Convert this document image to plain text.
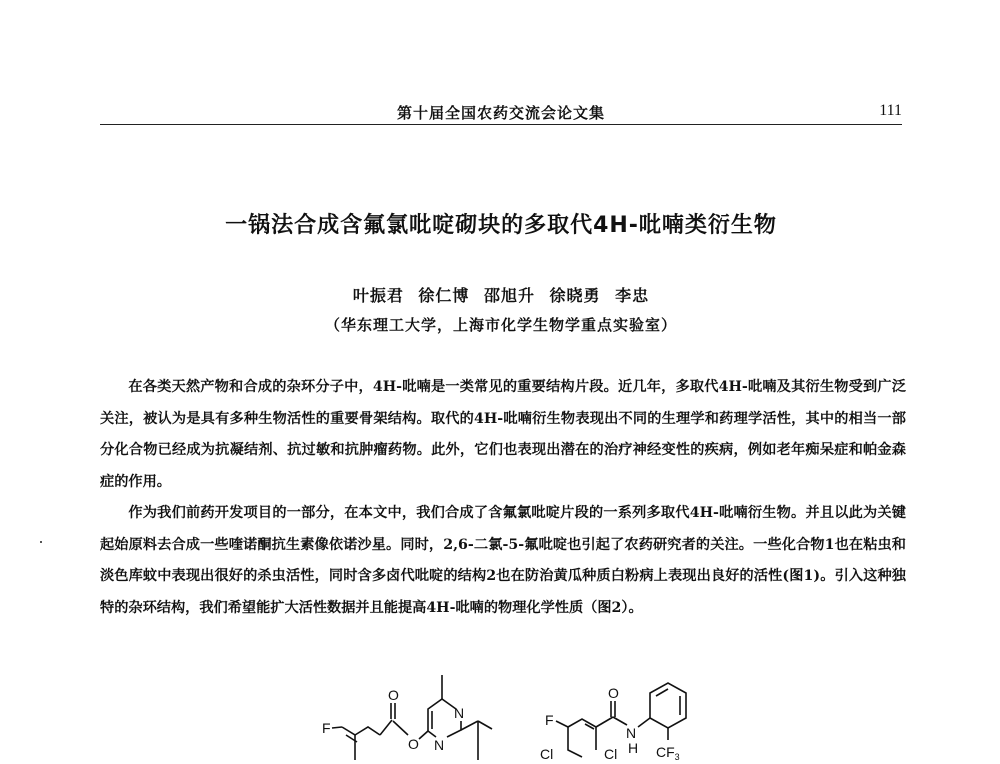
第十届全国农药交流会论文集	111
一锅法合成含氟氯吡啶砌块的多取代4H-吡喃类衍生物
叶振君 徐仁博 邵旭升 徐晓勇 李忠
（华东理工大学，上海市化学生物学重点实验室）

在各类天然产物和合成的杂环分子中，4H-吡喃是一类常见的重要结构片段。近几年，多取代4H-吡喃及其衍生物受到广泛关注，被认为是具有多种生物活性的重要骨架结构。取代的4H-吡喃衍生物表现出不同的生理学和药理学活性，其中的相当一部分化合物已经成为抗凝结剂、抗过敏和抗肿瘤药物。此外，它们也表现出潜在的治疗神经变性的疾病，例如老年痴呆症和帕金森症的作用。

作为我们前药开发项目的一部分，在本文中，我们合成了含氟氯吡啶片段的一系列多取代4H-吡喃衍生物。并且以此为关键起始原料去合成一些喹诺酮抗生素像依诺沙星。同时，2,6-二氯-5-氟吡啶也引起了农药研究者的关注。一些化合物1也在粘虫和淡色库蚊中表现出很好的杀虫活性，同时含多卤代吡啶的结构2也在防治黄瓜种质白粉病上表现出良好的活性(图1)。引入这种独特的杂环结构，我们希望能扩大活性数据并且能提高4H-吡喃的物理化学性质（图2）。

F
O
O
N
N
F
Cl	Cl
O
N
H $CF_3$
